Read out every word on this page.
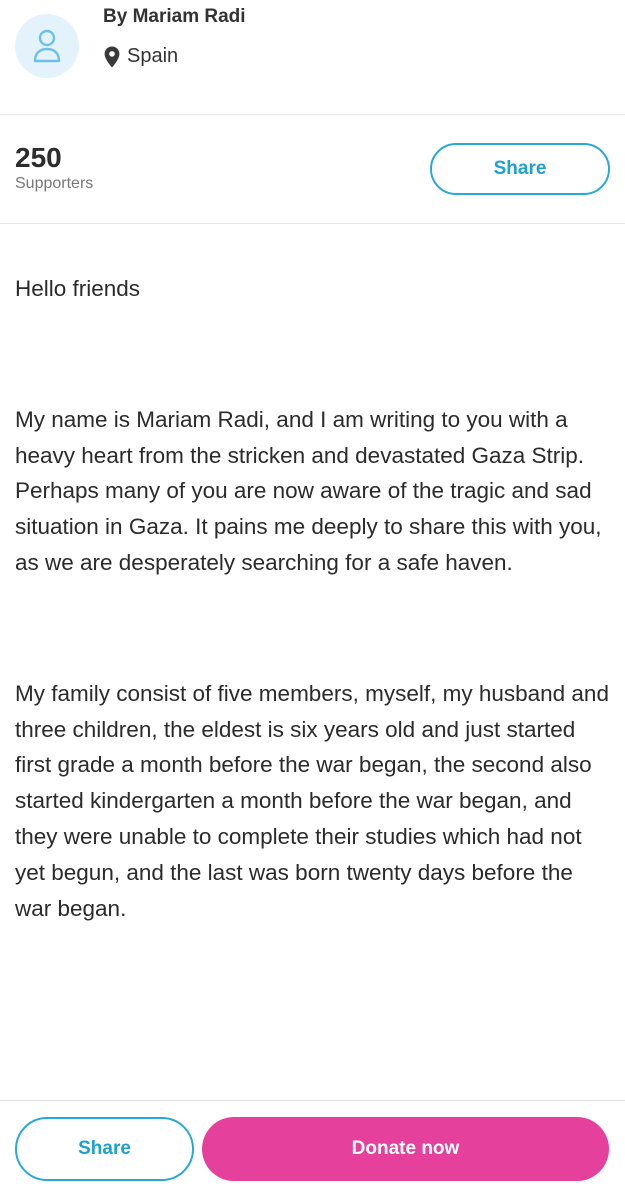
By Mariam Radi
Spain
250
Supporters
Share

Hello friends

My name is Mariam Radi, and I am writing to you with a heavy heart from the stricken and devastated Gaza Strip. Perhaps many of you are now aware of the tragic and sad situation in Gaza. It pains me deeply to share this with you, as we are desperately searching for a safe haven.

My family consist of five members, myself, my husband and three children, the eldest is six years old and just started first grade a month before the war began, the second also started kindergarten a month before the war began, and they were unable to complete their studies which had not yet begun, and the last was born twenty days before the war began.

Share	Donate now
